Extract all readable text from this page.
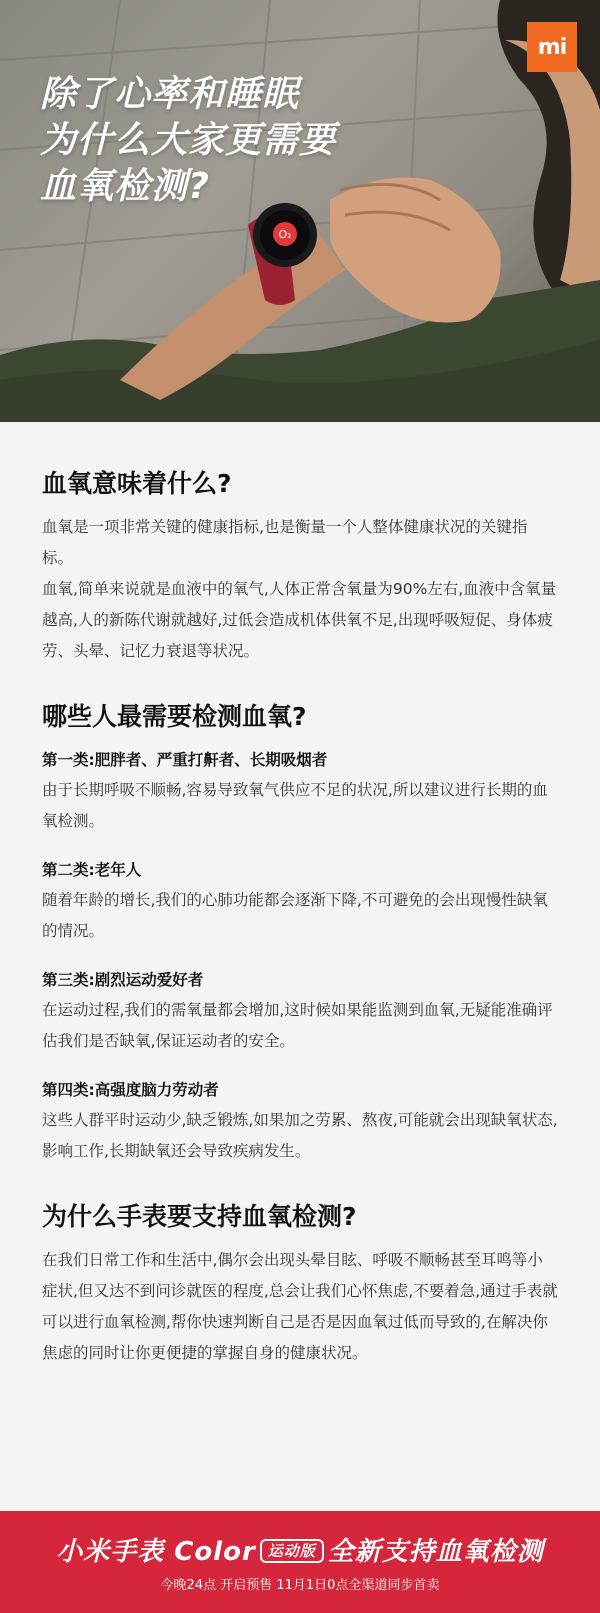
O₂
除了心率和睡眠
为什么大家更需要
血氧检测?
mi
血氧意味着什么?

血氧是一项非常关键的健康指标,也是衡量一个人整体健康状况的关键指标。

血氧,简单来说就是血液中的氧气,人体正常含氧量为90%左右,血液中含氧量越高,人的新陈代谢就越好,过低会造成机体供氧不足,出现呼吸短促、身体疲劳、头晕、记忆力衰退等状况。

哪些人最需要检测血氧?

第一类:肥胖者、严重打鼾者、长期吸烟者

由于长期呼吸不顺畅,容易导致氧气供应不足的状况,所以建议进行长期的血氧检测。

第二类:老年人

随着年龄的增长,我们的心肺功能都会逐渐下降,不可避免的会出现慢性缺氧的情况。

第三类:剧烈运动爱好者

在运动过程,我们的需氧量都会增加,这时候如果能监测到血氧,无疑能准确评估我们是否缺氧,保证运动者的安全。

第四类:高强度脑力劳动者

这些人群平时运动少,缺乏锻炼,如果加之劳累、熬夜,可能就会出现缺氧状态,影响工作,长期缺氧还会导致疾病发生。

为什么手表要支持血氧检测?

在我们日常工作和生活中,偶尔会出现头晕目眩、呼吸不顺畅甚至耳鸣等小症状,但又达不到问诊就医的程度,总会让我们心怀焦虑,不要着急,通过手表就可以进行血氧检测,帮你快速判断自己是否是因血氧过低而导致的,在解决你焦虑的同时让你更便捷的掌握自身的健康状况。

小米手表 Color 运动版 全新支持血氧检测

今晚24点 开启预售 11月1日0点全渠道同步首卖
